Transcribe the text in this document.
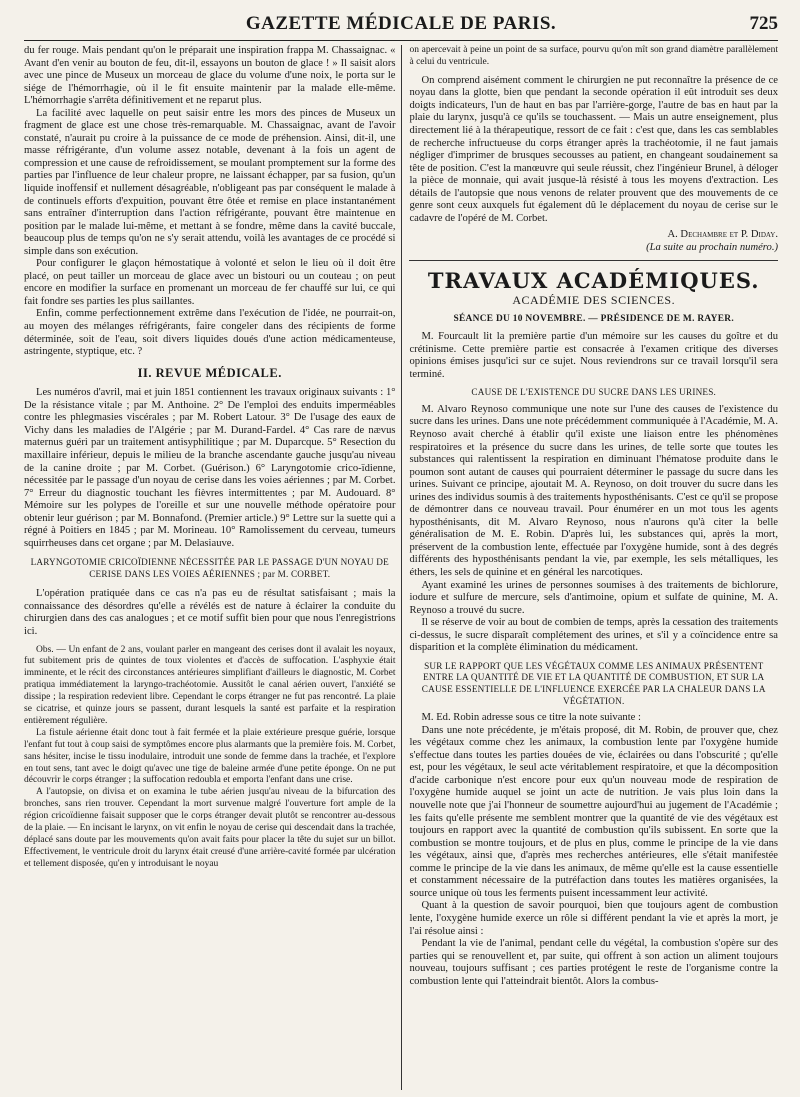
GAZETTE MÉDICALE DE PARIS.	725

du fer rouge. Mais pendant qu'on le préparait une inspiration frappa M. Chassaignac. « Avant d'en venir au bouton de feu, dit-il, essayons un bouton de glace ! » Il saisit alors avec une pince de Museux un morceau de glace du volume d'une noix, le porta sur le siége de l'hémorrhagie, où il le fit ensuite maintenir par la malade elle-même. L'hémorrhagie s'arrêta définitivement et ne reparut plus.

La facilité avec laquelle on peut saisir entre les mors des pinces de Museux un fragment de glace est une chose très-remarquable. M. Chassaignac, avant de l'avoir constaté, n'aurait pu croire à la puissance de ce mode de préhension. Ainsi, dit-il, une masse réfrigérante, d'un volume assez notable, devenant à la fois un agent de compression et une cause de refroidissement, se moulant promptement sur la forme des parties par l'influence de leur chaleur propre, ne laissant échapper, par sa fusion, qu'un liquide inoffensif et nullement désagréable, n'obligeant pas par conséquent le malade à de continuels efforts d'expuition, pouvant être ôtée et remise en place instantanément sans entraîner d'interruption dans l'action réfrigérante, pouvant être maintenue en position par le malade lui-même, et mettant à se fondre, même dans la cavité buccale, beaucoup plus de temps qu'on ne s'y serait attendu, voilà les avantages de ce procédé si simple dans son exécution.

Pour configurer le glaçon hémostatique à volonté et selon le lieu où il doit être placé, on peut tailler un morceau de glace avec un bistouri ou un couteau ; on peut encore en modifier la surface en promenant un morceau de fer chauffé sur lui, ce qui fait fondre ses parties les plus saillantes.

Enfin, comme perfectionnement extrême dans l'exécution de l'idée, ne pourrait-on, au moyen des mélanges réfrigérants, faire congeler dans des récipients de forme déterminée, soit de l'eau, soit divers liquides doués d'une action médicamenteuse, astringente, styptique, etc. ?

II. REVUE MÉDICALE.

Les numéros d'avril, mai et juin 1851 contiennent les travaux originaux suivants : 1° De la résistance vitale ; par M. Anthoine. 2° De l'emploi des enduits imperméables contre les phlegmasies viscérales ; par M. Robert Latour. 3° De l'usage des eaux de Vichy dans les maladies de l'Algérie ; par M. Durand-Fardel. 4° Cas rare de nævus maternus guéri par un traitement antisyphilitique ; par M. Duparcque. 5° Resection du maxillaire inférieur, depuis le milieu de la branche ascendante gauche jusqu'au niveau de la canine droite ; par M. Corbet. (Guérison.) 6° Laryngotomie crico-ïdienne, nécessitée par le passage d'un noyau de cerise dans les voies aériennes ; par M. Corbet. 7° Erreur du diagnostic touchant les fièvres intermittentes ; par M. Audouard. 8° Mémoire sur les polypes de l'oreille et sur une nouvelle méthode opératoire pour obtenir leur guérison ; par M. Bonnafond. (Premier article.) 9° Lettre sur la suette qui a régné à Poitiers en 1845 ; par M. Morineau. 10° Ramolissement du cerveau, tumeurs squirrheuses dans cet organe ; par M. Delasiauve.

LARYNGOTOMIE CRICOÏDIENNE NÉCESSITÉE PAR LE PASSAGE D'UN NOYAU DE CERISE DANS LES VOIES AÉRIENNES ; par M. CORBET.

L'opération pratiquée dans ce cas n'a pas eu de résultat satisfaisant ; mais la connaissance des désordres qu'elle a révélés est de nature à éclairer la conduite du chirurgien dans des cas analogues ; et ce motif suffit bien pour que nous l'enregistrions ici.

Obs. — Un enfant de 2 ans, voulant parler en mangeant des cerises dont il avalait les noyaux, fut subitement pris de quintes de toux violentes et d'accès de suffocation. L'asphyxie était imminente, et le récit des circonstances antérieures simplifiant d'ailleurs le diagnostic, M. Corbet pratiqua immédiatement la laryngo-trachéotomie. Aussitôt le canal aérien ouvert, l'anxiété se dissipe ; la respiration redevient libre. Cependant le corps étranger ne fut pas rencontré. La plaie se cicatrise, et quinze jours se passent, durant lesquels la santé est parfaite et la respiration entièrement régulière.

La fistule aérienne était donc tout à fait fermée et la plaie extérieure presque guérie, lorsque l'enfant fut tout à coup saisi de symptômes encore plus alarmants que la première fois. M. Corbet, sans hésiter, incise le tissu inodulaire, introduit une sonde de femme dans la trachée, et l'explore en tout sens, tant avec le doigt qu'avec une tige de baleine armée d'une petite éponge. On ne put découvrir le corps étranger ; la suffocation redoubla et emporta l'enfant dans une crise.

A l'autopsie, on divisa et on examina le tube aérien jusqu'au niveau de la bifurcation des bronches, sans rien trouver. Cependant la mort survenue malgré l'ouverture fort ample de la région cricoïdienne faisait supposer que le corps étranger devait plutôt se rencontrer au-dessous de la plaie. — En incisant le larynx, on vit enfin le noyau de cerise qui descendait dans la trachée, déplacé sans doute par les mouvements qu'on avait faits pour placer la tête du sujet sur un billot. Effectivement, le ventricule droit du larynx était creusé d'une arrière-cavité formée par ulcération et tellement disposée, qu'en y introduisant le noyau

on apercevait à peine un point de sa surface, pourvu qu'on mît son grand diamètre parallèlement à celui du ventricule.

On comprend aisément comment le chirurgien ne put reconnaître la présence de ce noyau dans la glotte, bien que pendant la seconde opération il eût introduit ses deux doigts indicateurs, l'un de haut en bas par l'arrière-gorge, l'autre de bas en haut par la plaie du larynx, jusqu'à ce qu'ils se touchassent. — Mais un autre enseignement, plus directement lié à la thérapeutique, ressort de ce fait : c'est que, dans les cas semblables de recherche infructueuse du corps étranger après la trachéotomie, il ne faut jamais négliger d'imprimer de brusques secousses au patient, en changeant soudainement sa tête de position. C'est la manœuvre qui seule réussit, chez l'ingénieur Brunel, à déloger la pièce de monnaie, qui avait jusque-là résisté à tous les moyens d'extraction. Les détails de l'autopsie que nous venons de relater prouvent que des mouvements de ce genre sont ceux auxquels fut également dû le déplacement du noyau de cerise sur le cadavre de l'opéré de M. Corbet.

A. Dechambre et P. Diday.
(La suite au prochain numéro.)
TRAVAUX ACADÉMIQUES.
ACADÉMIE DES SCIENCES.
SÉANCE DU 10 NOVEMBRE. — PRÉSIDENCE DE M. RAYER.

M. Fourcault lit la première partie d'un mémoire sur les causes du goître et du crétinisme. Cette première partie est consacrée à l'examen critique des diverses opinions émises jusqu'ici sur ce sujet. Nous reviendrons sur ce travail lorsqu'il sera terminé.

CAUSE DE L'EXISTENCE DU SUCRE DANS LES URINES.

M. Alvaro Reynoso communique une note sur l'une des causes de l'existence du sucre dans les urines. Dans une note précédemment communiquée à l'Académie, M. A. Reynoso avait cherché à établir qu'il existe une liaison entre les phénomènes respiratoires et la présence du sucre dans les urines, de telle sorte que toutes les substances qui ralentissent la respiration en diminuant l'hématose produite dans le poumon sont autant de causes qui pourraient déterminer le passage du sucre dans les urines. Suivant ce principe, ajoutait M. A. Reynoso, on doit trouver du sucre dans les urines des individus soumis à des traitements hyposthénisants. C'est ce qu'il se propose de démontrer dans ce nouveau travail. Pour énumérer en un mot tous les agents hyposthénisants, dit M. Alvaro Reynoso, nous n'aurons qu'à citer la belle généralisation de M. E. Robin. D'après lui, les substances qui, après la mort, préservent de la combustion lente, effectuée par l'oxygène humide, sont à des degrés différents des hyposthénisants pendant la vie, par exemple, les sels métalliques, les éthers, les sels de quinine et en général les narcotiques.

Ayant examiné les urines de personnes soumises à des traitements de bichlorure, iodure et sulfure de mercure, sels d'antimoine, opium et sulfate de quinine, M. A. Reynoso a trouvé du sucre.

Il se réserve de voir au bout de combien de temps, après la cessation des traitements ci-dessus, le sucre disparaît complétement des urines, et s'il y a coïncidence entre sa disparition et la complète élimination du médicament.

SUR LE RAPPORT QUE LES VÉGÉTAUX COMME LES ANIMAUX PRÉSENTENT ENTRE LA QUANTITÉ DE VIE ET LA QUANTITÉ DE COMBUSTION, ET SUR LA CAUSE ESSENTIELLE DE L'INFLUENCE EXERCÉE PAR LA CHALEUR DANS LA VÉGÉTATION.

M. Ed. Robin adresse sous ce titre la note suivante :

Dans une note précédente, je m'étais proposé, dit M. Robin, de prouver que, chez les végétaux comme chez les animaux, la combustion lente par l'oxygène humide s'effectue dans toutes les parties douées de vie, éclairées ou dans l'obscurité ; qu'elle est, pour les végétaux, le seul acte véritablement respiratoire, et que la décomposition d'acide carbonique n'est encore pour eux qu'un nouveau mode de respiration de l'oxygène humide auquel se joint un acte de nutrition. Je vais plus loin dans la nouvelle note que j'ai l'honneur de soumettre aujourd'hui au jugement de l'Académie ; les faits qu'elle présente me semblent montrer que la quantité de vie des végétaux est toujours en rapport avec la quantité de combustion qu'ils subissent. En sorte que la combustion se montre toujours, et de plus en plus, comme le principe de la vie dans les végétaux, ainsi que, d'après mes recherches antérieures, elle s'était manifestée comme le principe de la vie dans les animaux, de même qu'elle est la cause essentielle et constamment nécessaire de la putréfaction dans toutes les matières organisées, la source unique où tous les ferments puisent incessamment leur activité.

Quant à la question de savoir pourquoi, bien que toujours agent de combustion lente, l'oxygène humide exerce un rôle si différent pendant la vie et après la mort, je l'ai résolue ainsi :

Pendant la vie de l'animal, pendant celle du végétal, la combustion s'opère sur des parties qui se renouvellent et, par suite, qui offrent à son action un aliment toujours nouveau, toujours suffisant ; ces parties protégent le reste de l'organisme contre la combustion lente qui l'atteindrait bientôt. Alors la combus-
